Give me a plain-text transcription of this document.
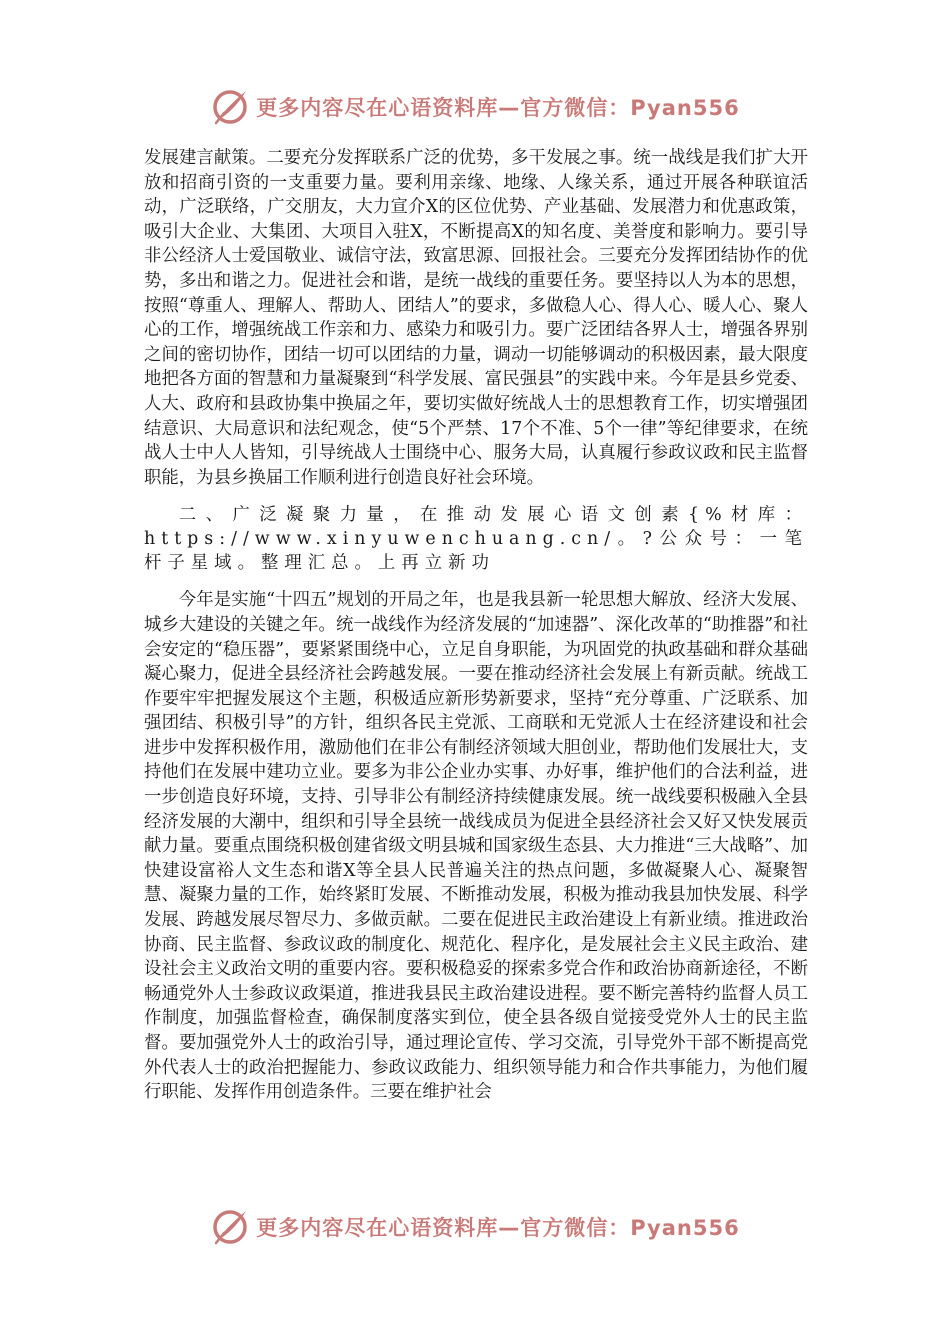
更多内容尽在心语资料库—官方微信：Pyan556

发展建言献策。二要充分发挥联系广泛的优势，多干发展之事。统一战线是我们扩大开放和招商引资的一支重要力量。要利用亲缘、地缘、人缘关系，通过开展各种联谊活动，广泛联络，广交朋友，大力宣介X的区位优势、产业基础、发展潜力和优惠政策，吸引大企业、大集团、大项目入驻X，不断提高X的知名度、美誉度和影响力。要引导非公经济人士爱国敬业、诚信守法，致富思源、回报社会。三要充分发挥团结协作的优势，多出和谐之力。促进社会和谐，是统一战线的重要任务。要坚持以人为本的思想，按照“尊重人、理解人、帮助人、团结人”的要求，多做稳人心、得人心、暖人心、聚人心的工作，增强统战工作亲和力、感染力和吸引力。要广泛团结各界人士，增强各界别之间的密切协作，团结一切可以团结的力量，调动一切能够调动的积极因素，最大限度地把各方面的智慧和力量凝聚到“科学发展、富民强县”的实践中来。今年是县乡党委、人大、政府和县政协集中换届之年，要切实做好统战人士的思想教育工作，切实增强团结意识、大局意识和法纪观念，使“5个严禁、17个不准、5个一律”等纪律要求，在统战人士中人人皆知，引导统战人士围绕中心、服务大局，认真履行参政议政和民主监督职能，为县乡换届工作顺利进行创造良好社会环境。

二、广泛凝聚力量，在推动发展心语文创素{%材库：https://www.xinyuwenchuang.cn/。?公众号：一笔杆子星域。整理汇总。上再立新功

今年是实施“十四五”规划的开局之年，也是我县新一轮思想大解放、经济大发展、城乡大建设的关键之年。统一战线作为经济发展的“加速器”、深化改革的“助推器”和社会安定的“稳压器”，要紧紧围绕中心，立足自身职能，为巩固党的执政基础和群众基础凝心聚力，促进全县经济社会跨越发展。一要在推动经济社会发展上有新贡献。统战工作要牢牢把握发展这个主题，积极适应新形势新要求，坚持“充分尊重、广泛联系、加强团结、积极引导”的方针，组织各民主党派、工商联和无党派人士在经济建设和社会进步中发挥积极作用，激励他们在非公有制经济领域大胆创业，帮助他们发展壮大，支持他们在发展中建功立业。要多为非公企业办实事、办好事，维护他们的合法利益，进一步创造良好环境，支持、引导非公有制经济持续健康发展。统一战线要积极融入全县经济发展的大潮中，组织和引导全县统一战线成员为促进全县经济社会又好又快发展贡献力量。要重点围绕积极创建省级文明县城和国家级生态县、大力推进“三大战略”、加快建设富裕人文生态和谐X等全县人民普遍关注的热点问题，多做凝聚人心、凝聚智慧、凝聚力量的工作，始终紧盯发展、不断推动发展，积极为推动我县加快发展、科学发展、跨越发展尽智尽力、多做贡献。二要在促进民主政治建设上有新业绩。推进政治协商、民主监督、参政议政的制度化、规范化、程序化，是发展社会主义民主政治、建设社会主义政治文明的重要内容。要积极稳妥的探索多党合作和政治协商新途径，不断畅通党外人士参政议政渠道，推进我县民主政治建设进程。要不断完善特约监督人员工作制度，加强监督检查，确保制度落实到位，使全县各级自觉接受党外人士的民主监督。要加强党外人士的政治引导，通过理论宣传、学习交流，引导党外干部不断提高党外代表人士的政治把握能力、参政议政能力、组织领导能力和合作共事能力，为他们履行职能、发挥作用创造条件。三要在维护社会

更多内容尽在心语资料库—官方微信：Pyan556
